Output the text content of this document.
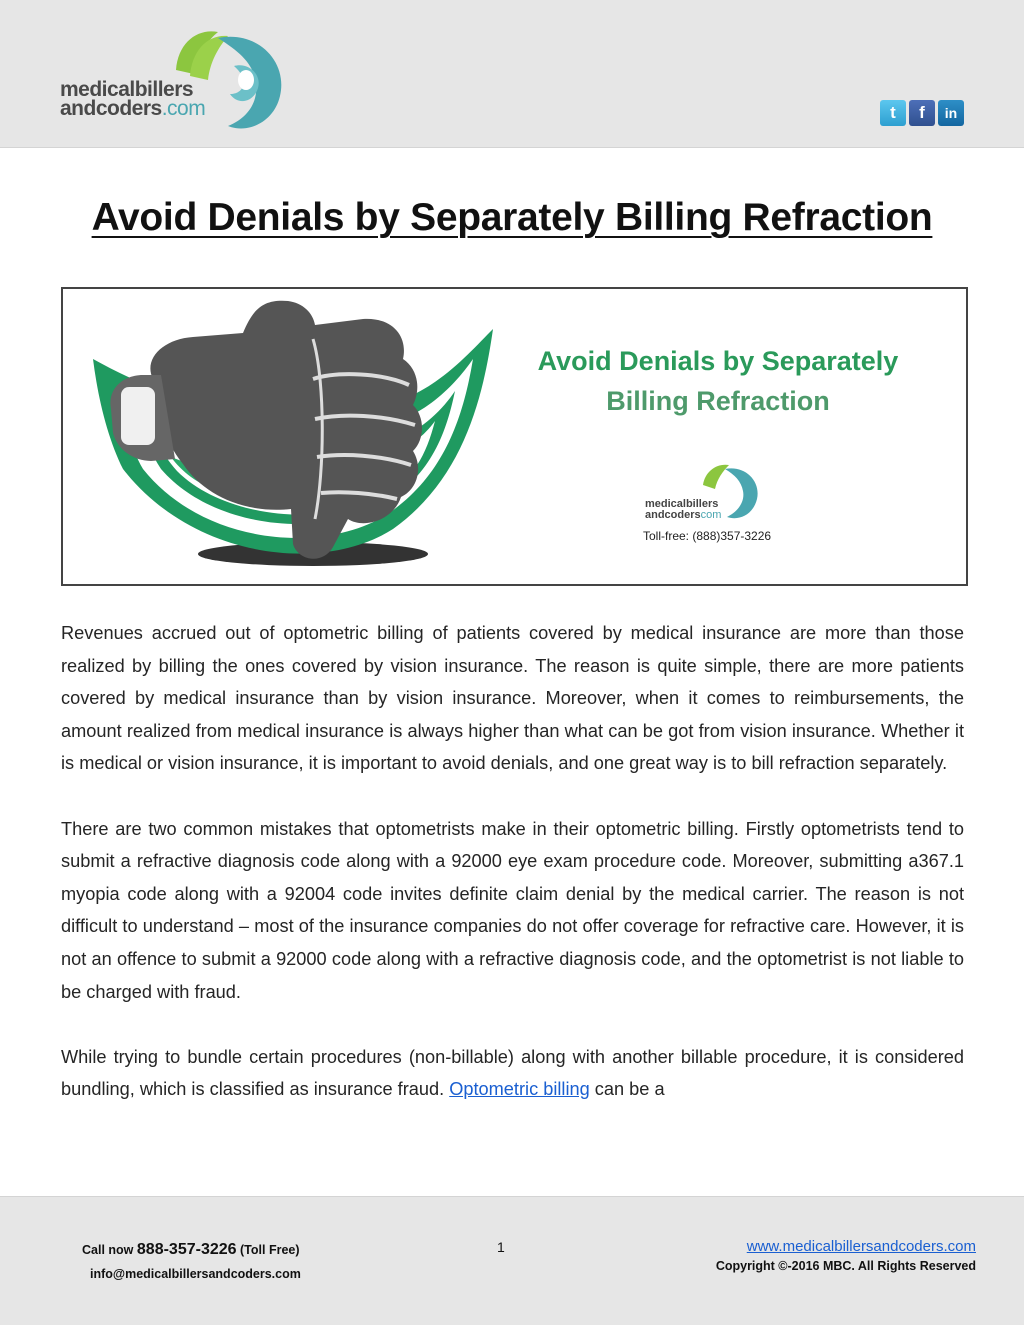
medicalbillers
andcoders.com	t	f	in
Avoid Denials by Separately Billing Refraction
Avoid Denials by Separately
Billing Refraction
medicalbillers
andcoderscom
Toll-free: (888)357-3226

Revenues accrued out of optometric billing of patients covered by medical insurance are more than those realized by billing the ones covered by vision insurance. The reason is quite simple, there are more patients covered by medical insurance than by vision insurance. Moreover, when it comes to reimbursements, the amount realized from medical insurance is always higher than what can be got from vision insurance. Whether it is medical or vision insurance, it is important to avoid denials, and one great way is to bill refraction separately.

There are two common mistakes that optometrists make in their optometric billing. Firstly optometrists tend to submit a refractive diagnosis code along with a 92000 eye exam procedure code. Moreover, submitting a367.1 myopia code along with a 92004 code invites definite claim denial by the medical carrier. The reason is not difficult to understand – most of the insurance companies do not offer coverage for refractive care. However, it is not an offence to submit a 92000 code along with a refractive diagnosis code, and the optometrist is not liable to be charged with fraud.

While trying to bundle certain procedures (non-billable) along with another billable procedure, it is considered bundling, which is classified as insurance fraud. Optometric billing can be a

Call now 888-357-3226 (Toll Free)
info@medicalbillersandcoders.com
1	www.medicalbillersandcoders.com
Copyright ©-2016 MBC. All Rights Reserved
